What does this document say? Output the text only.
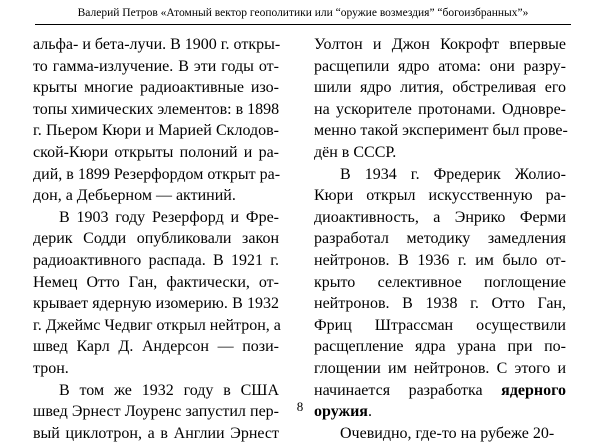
Валерий Петров «Атомный вектор геополитики или “оружие возмездия” “богоизбранных”»
альфа- и бета-лучи. В 1900 г. откры-
то гамма-излучение. В эти годы от-
крыты многие радиоактивные изо-
топы химических элементов: в 1898
г. Пьером Кюри и Марией Склодов-
ской-Кюри открыты полоний и ра-
дий, в 1899 Резерфордом открыт ра-
дон, а Дебьерном — актиний.
В 1903 году Резерфорд и Фре-
дерик Содди опубликовали закон
радиоактивного распада. В 1921 г.
Немец Отто Ган, фактически, от-
крывает ядерную изомерию. В 1932
г. Джеймс Чедвиг открыл нейтрон, а
швед Карл Д. Андерсон — пози-
трон.
В том же 1932 году в США
швед Эрнест Лоуренс запустил пер-
вый циклотрон, а в Англии Эрнест
Уолтон и Джон Кокрофт впервые
расщепили ядро атома: они разру-
шили ядро лития, обстреливая его
на ускорителе протонами. Одновре-
менно такой эксперимент был прове-
дён в СССР.
В 1934 г. Фредерик Жолио-
Кюри открыл искусственную ра-
диоактивность, а Энрико Ферми
разработал методику замедления
нейтронов. В 1936 г. им было от-
крыто селективное поглощение
нейтронов. В 1938 г. Отто Ган,
Фриц Штрассман осуществили
расщепление ядра урана при по-
глощении им нейтронов. С этого и
начинается разработка ядерного
оружия.
Очевидно, где-то на рубеже 20-
8
